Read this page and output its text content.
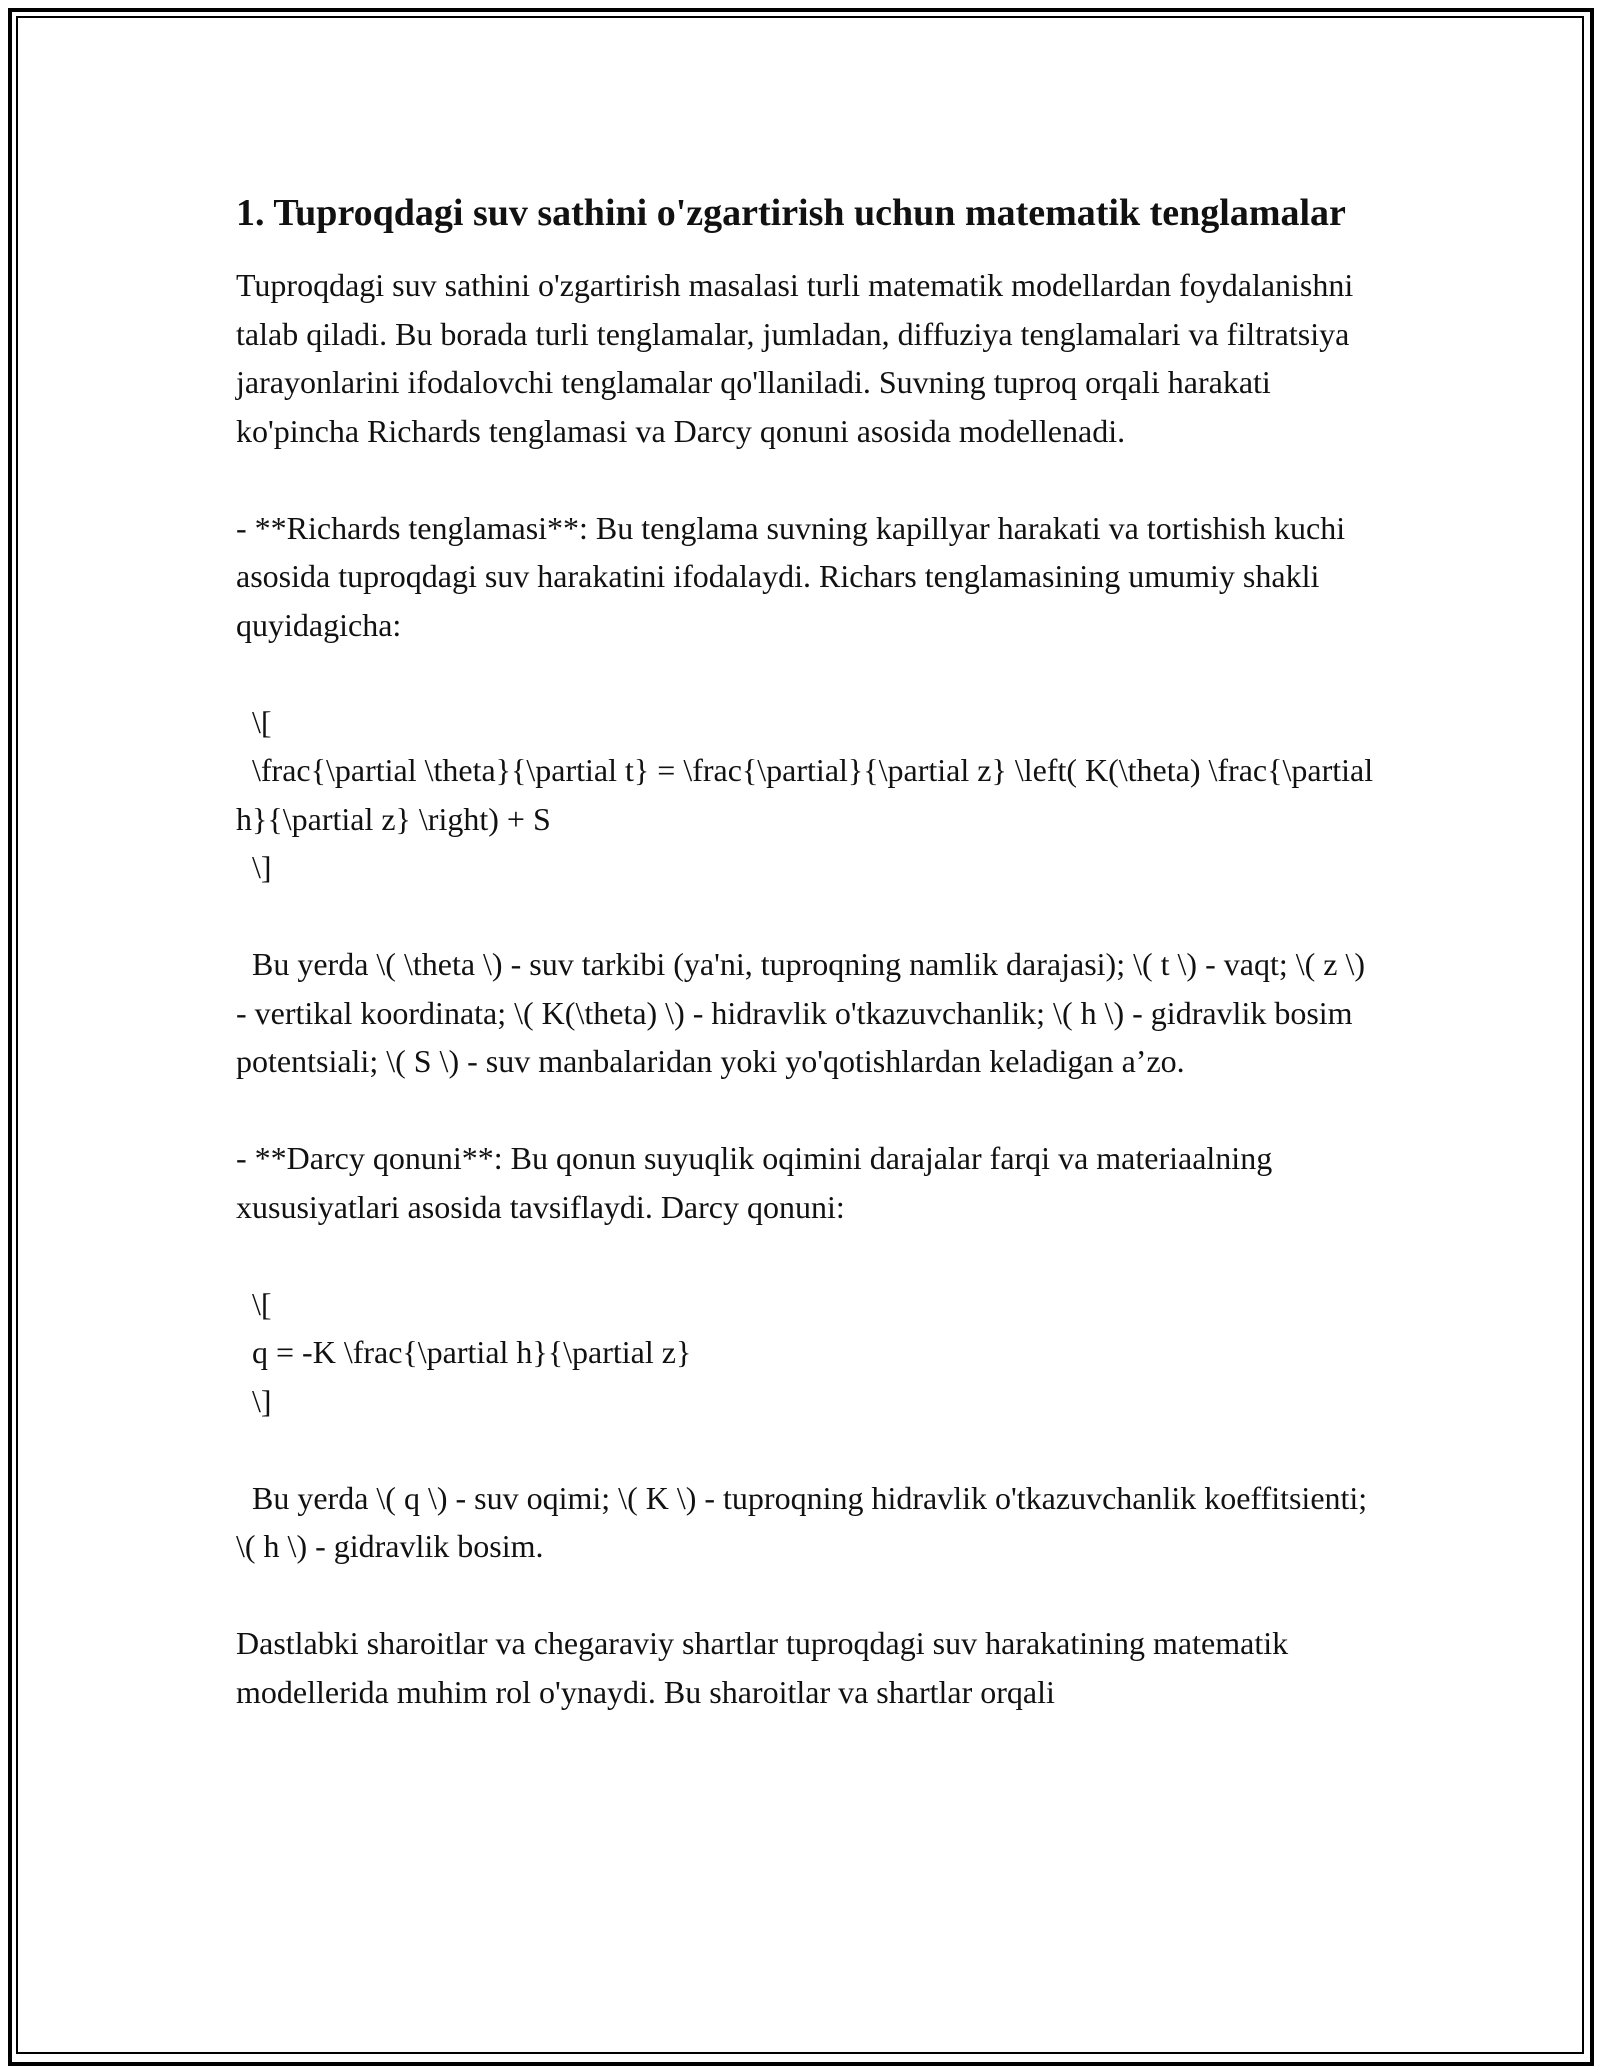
1. Tuproqdagi suv sathini o'zgartirish uchun matematik tenglamalar

Tuproqdagi suv sathini o'zgartirish masalasi turli matematik modellardan foydalanishni talab qiladi. Bu borada turli tenglamalar, jumladan, diffuziya tenglamalari va filtratsiya jarayonlarini ifodalovchi tenglamalar qo'llaniladi. Suvning tuproq orqali harakati ko'pincha Richards tenglamasi va Darcy qonuni asosida modellenadi.

- **Richards tenglamasi**: Bu tenglama suvning kapillyar harakati va tortishish kuchi asosida tuproqdagi suv harakatini ifodalaydi. Richars tenglamasining umumiy shakli quyidagicha:

\[
\frac{\partial \theta}{\partial t} = \frac{\partial}{\partial z} \left( K(\theta) \frac{\partial h}{\partial z} \right) + S
\]

Bu yerda \( \theta \) - suv tarkibi (ya'ni, tuproqning namlik darajasi); \( t \) - vaqt; \( z \) - vertikal koordinata; \( K(\theta) \) - hidravlik o'tkazuvchanlik; \( h \) - gidravlik bosim potentsiali; \( S \) - suv manbalaridan yoki yo'qotishlardan keladigan a’zo.

- **Darcy qonuni**: Bu qonun suyuqlik oqimini darajalar farqi va materiaalning xususiyatlari asosida tavsiflaydi. Darcy qonuni:

\[
q = -K \frac{\partial h}{\partial z}
\]

Bu yerda \( q \) - suv oqimi; \( K \) - tuproqning hidravlik o'tkazuvchanlik koeffitsienti; \( h \) - gidravlik bosim.

Dastlabki sharoitlar va chegaraviy shartlar tuproqdagi suv harakatining matematik modellerida muhim rol o'ynaydi. Bu sharoitlar va shartlar orqali
